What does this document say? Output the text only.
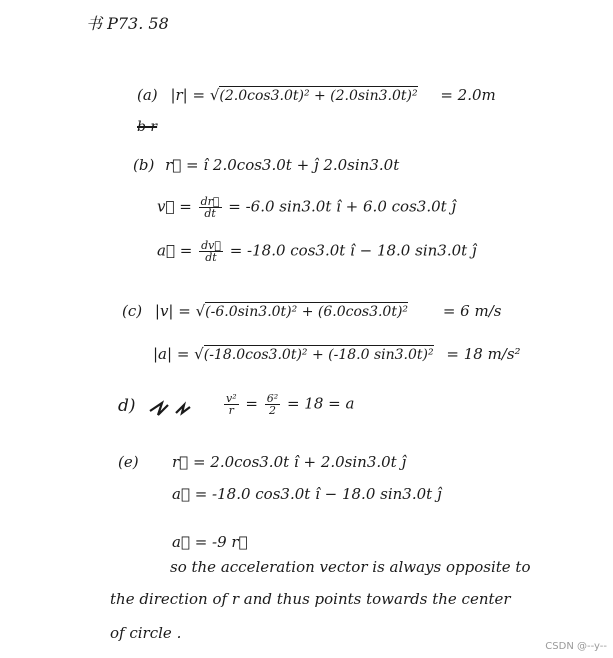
书 P73. 58
(a) |r| = √(2.0cos3.0t)² + (2.0sin3.0t)² = 2.0m
b r
(b) r⃗ = î 2.0cos3.0t + ĵ 2.0sin3.0t
v⃗ = $\frac{dr⃗}{dt} = -6.0$ sin3.0t î + 6.0 cos3.0t ĵ
a⃗ = $\frac{dv⃗}{dt} = -18.0$ cos3.0t î − 18.0 sin3.0t ĵ
(c) |v| = √(-6.0sin3.0t)² + (6.0cos3.0t)² = 6 m/s
|a| = √(-18.0cos3.0t)² + (-18.0 sin3.0t)² = 18 m/s²
d)	$\frac{\text{v²}}{r} = \frac{\text{6²}}{2} = 18 = a$
(e) r⃗ = 2.0cos3.0t î + 2.0sin3.0t ĵ
a⃗ = -18.0 cos3.0t î − 18.0 sin3.0t ĵ
a⃗ = -9 r⃗
so the acceleration vector is always opposite to
the direction of r and thus points towards the center
of circle .
CSDN @--y--
